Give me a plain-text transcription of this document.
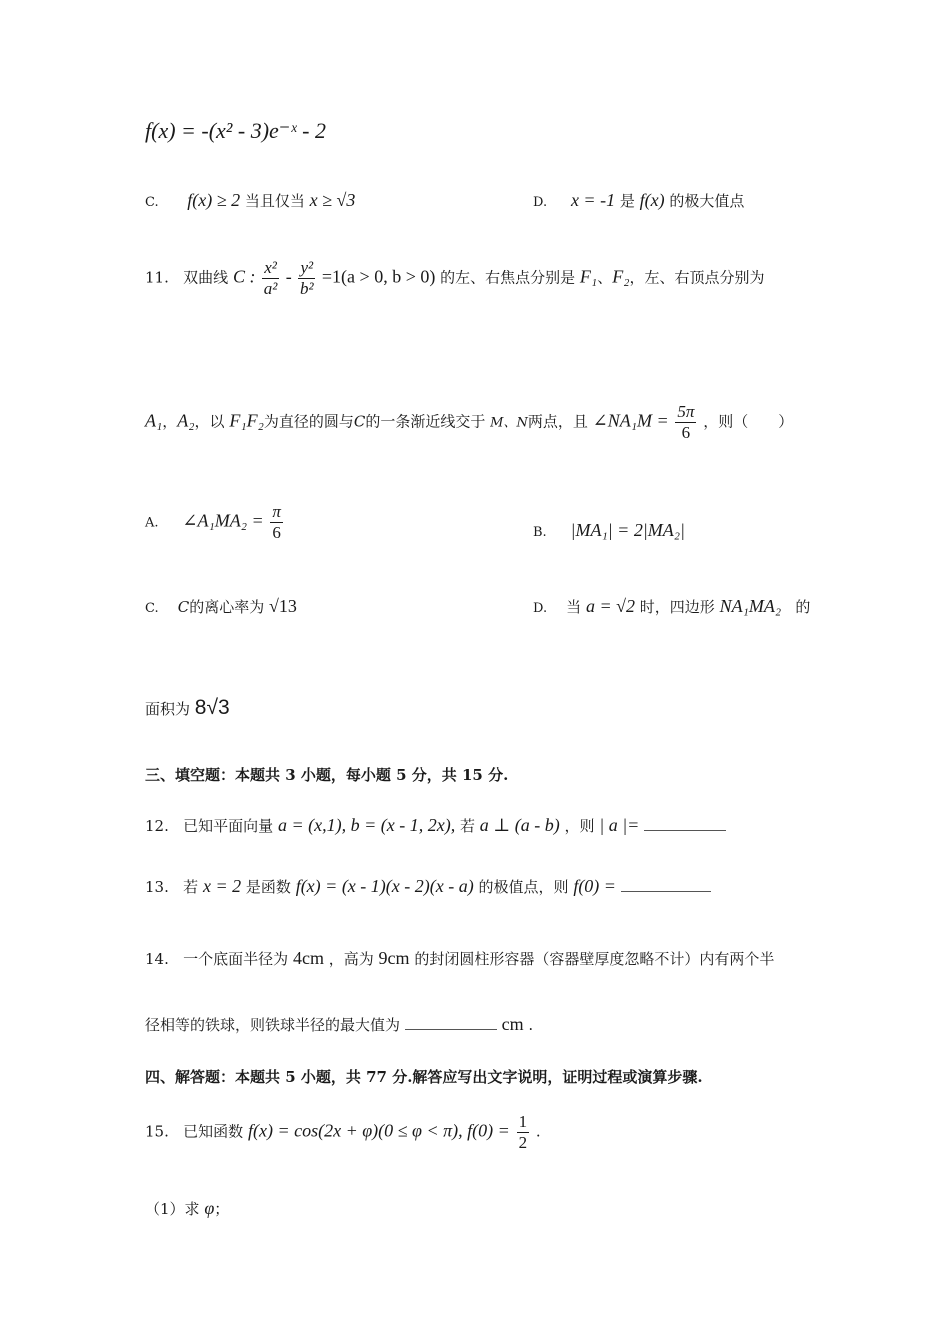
f(x) = -(x² - 3)e⁻ˣ - 2
C. f(x) ≥ 2 当且仅当 x ≥ √3	D. x = -1 是 f(x) 的极大值点
11. 双曲线 C : $\frac{\text{x²}}{\text{a²}} - \frac{\text{y²}}{\text{b²}} =1(a > 0$, b > 0) 的左、右焦点分别是 F₁、F₂，左、右顶点分别为
A₁，A₂，以 F₁F₂为直径的圆与C的一条渐近线交于 M、N两点，且 ∠NA₁M = $\frac{5\pi}{6}$ ，则（　　）
A. ∠A₁MA₂ = $\frac{\pi}{6}$	B. |MA₁| = 2|MA₂|
C. C的离心率为 √13	D. 当 a = √2 时，四边形 NA₁MA₂ 的
面积为 8√3
三、填空题：本题共 3 小题，每小题 5 分，共 15 分.
12. 已知平面向量 a = (x,1), b = (x - 1, 2x), 若 a ⊥ (a - b) ，则 | a |=
13. 若 x = 2 是函数 f(x) = (x - 1)(x - 2)(x - a) 的极值点，则 f(0) =
14. 一个底面半径为 4cm ，高为 9cm 的封闭圆柱形容器（容器壁厚度忽略不计）内有两个半
径相等的铁球，则铁球半径的最大值为	cm .
四、解答题：本题共 5 小题，共 77 分.解答应写出文字说明，证明过程或演算步骤.
15. 已知函数 f(x) = cos(2x + φ)(0 ≤ φ < π), $f(0) = \frac{1}{2}$ .
（1）求 φ；
